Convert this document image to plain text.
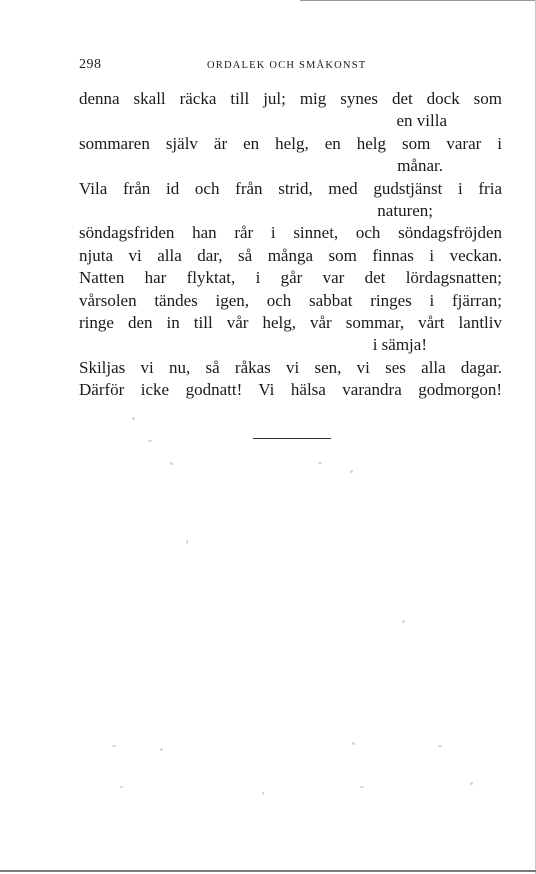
298	ORDALEK OCH SMÅKONST
denna skall räcka till jul; mig synes det dock som
en villa
sommaren själv är en helg, en helg som varar i
månar.
Vila från id och från strid, med gudstjänst i fria
naturen;
söndagsfriden han rår i sinnet, och söndagsfröjden
njuta vi alla dar, så många som finnas i veckan.
Natten har flyktat, i går var det lördagsnatten;
vårsolen tändes igen, och sabbat ringes i fjärran;
ringe den in till vår helg, vår sommar, vårt lantliv
i sämja!
Skiljas vi nu, så råkas vi sen, vi ses alla dagar.
Därför icke godnatt! Vi hälsa varandra godmorgon!
